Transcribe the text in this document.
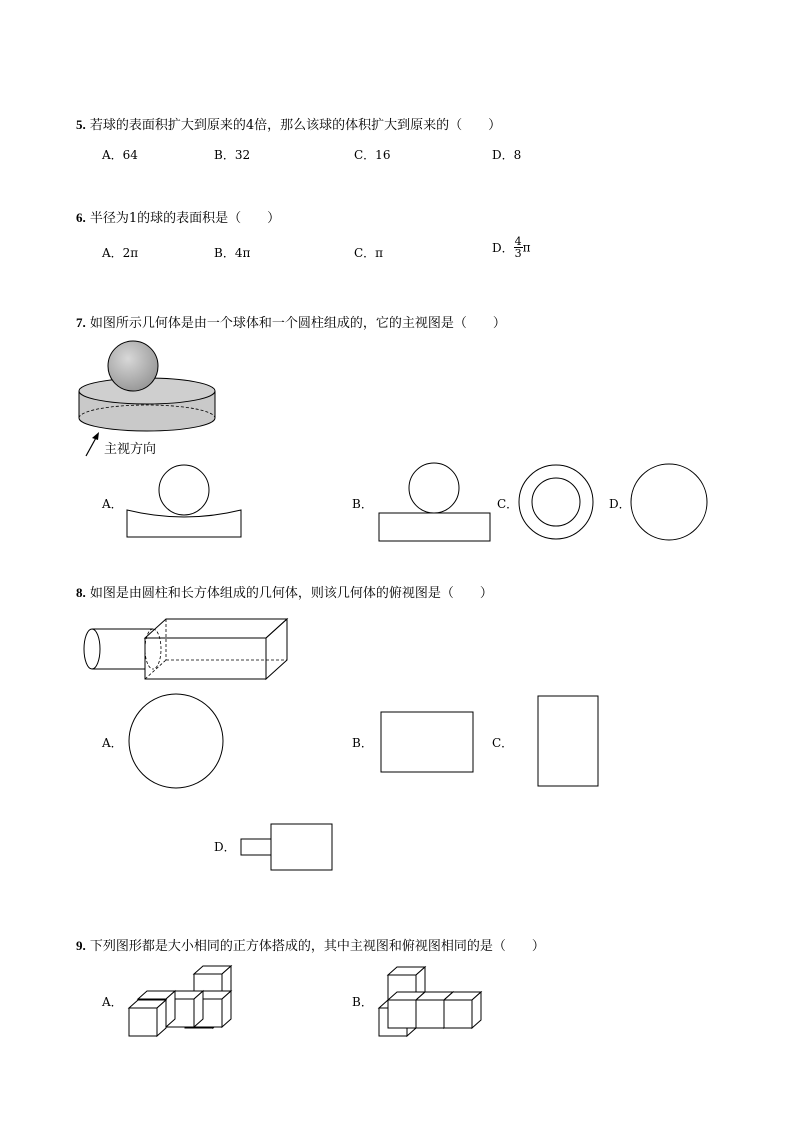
5. 若球的表面积扩大到原来的4倍，那么该球的体积扩大到原来的（　　）
A．64	B．32	C．16	D．8
6. 半径为1的球的表面积是（　　）
A．2π	B．4π	C．π	D． $\frac{4}{3}$ π
7. 如图所示几何体是由一个球体和一个圆柱组成的，它的主视图是（　　）
主视方向
A．	B．	C．	D．
8. 如图是由圆柱和长方体组成的几何体，则该几何体的俯视图是（　　）
A．	B．	C．
D．
9. 下列图形都是大小相同的正方体搭成的，其中主视图和俯视图相同的是（　　）
A．	B．
